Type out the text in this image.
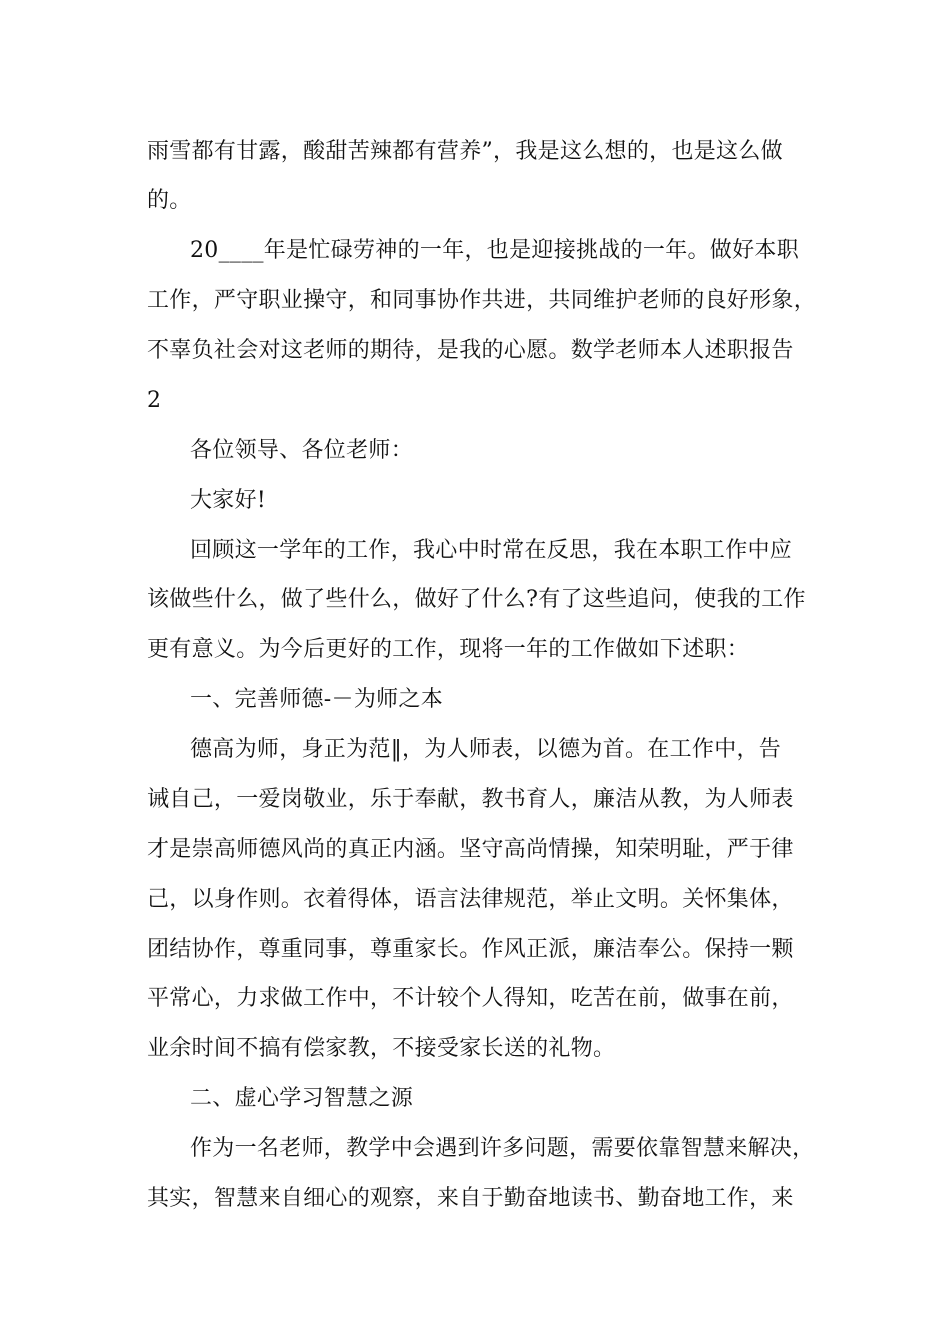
雨雪都有甘露，酸甜苦辣都有营养”，我是这么想的，也是这么做
的。
20____年是忙碌劳神的一年，也是迎接挑战的一年。做好本职
工作，严守职业操守，和同事协作共进，共同维护老师的良好形象，
不辜负社会对这老师的期待，是我的心愿。数学老师本人述职报告
2
各位领导、各位老师：
大家好!
回顾这一学年的工作，我心中时常在反思，我在本职工作中应
该做些什么，做了些什么，做好了什么?有了这些追问，使我的工作
更有意义。为今后更好的工作，现将一年的工作做如下述职：
一、完善师德-－为师之本
德高为师，身正为范‖，为人师表，以德为首。在工作中，告
诫自己，一爱岗敬业，乐于奉献，教书育人，廉洁从教，为人师表
才是崇高师德风尚的真正内涵。坚守高尚情操，知荣明耻，严于律
己，以身作则。衣着得体，语言法律规范，举止文明。关怀集体，
团结协作，尊重同事，尊重家长。作风正派，廉洁奉公。保持一颗
平常心，力求做工作中，不计较个人得知，吃苦在前，做事在前，
业余时间不搞有偿家教，不接受家长送的礼物。
二、虚心学习智慧之源
作为一名老师，教学中会遇到许多问题，需要依靠智慧来解决，
其实，智慧来自细心的观察，来自于勤奋地读书、勤奋地工作，来
